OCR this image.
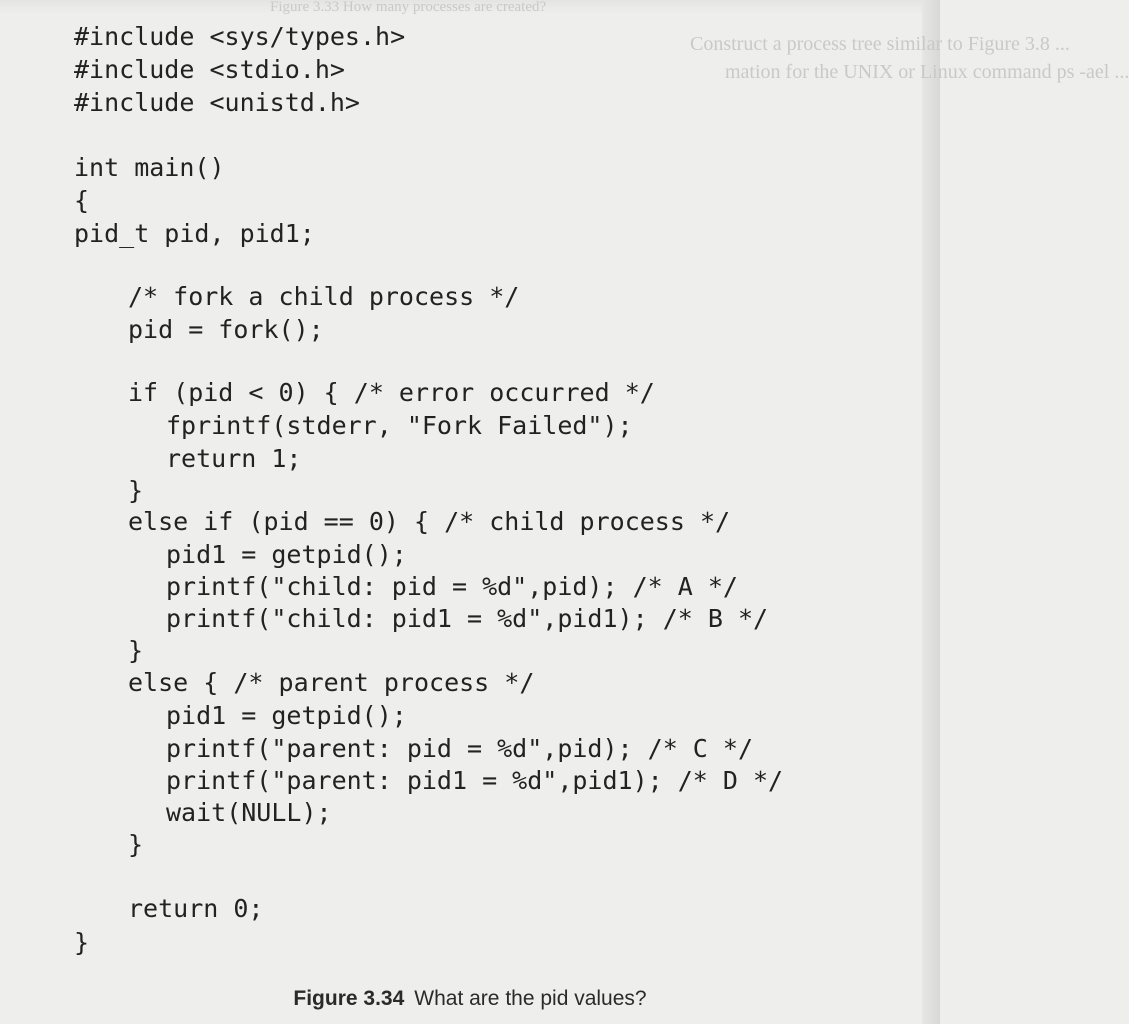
Figure 3.33 How many processes are created?
Construct a process tree similar to Figure 3.8 ...
mation for the UNIX or Linux command ps -ael ...
#include <sys/types.h>
#include <stdio.h>
#include <unistd.h>
int main()
{
pid_t pid, pid1;
/* fork a child process */
pid = fork();
if (pid < 0) { /* error occurred */
fprintf(stderr, "Fork Failed");
return 1;
}
else if (pid == 0) { /* child process */
pid1 = getpid();
printf("child: pid = %d",pid); /* A */
printf("child: pid1 = %d",pid1); /* B */
}
else { /* parent process */
pid1 = getpid();
printf("parent: pid = %d",pid); /* C */
printf("parent: pid1 = %d",pid1); /* D */
wait(NULL);
}
return 0;
}
Figure 3.34 What are the pid values?
